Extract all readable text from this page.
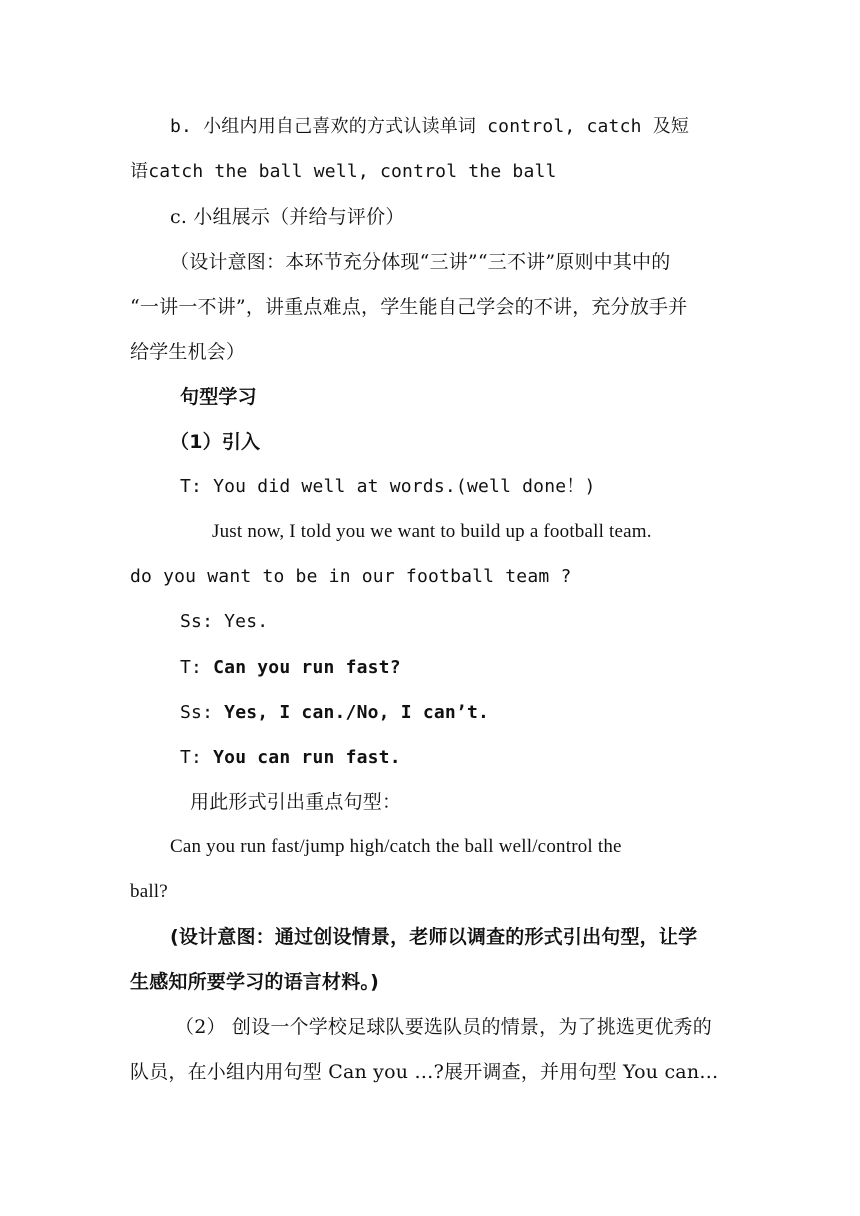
b. 小组内用自己喜欢的方式认读单词 control, catch 及短
语catch the ball well, control the ball
c. 小组展示（并给与评价）
（设计意图：本环节充分体现“三讲”“三不讲”原则中其中的
“一讲一不讲”，讲重点难点，学生能自己学会的不讲，充分放手并
给学生机会）
句型学习
（1）引入
T: You did well at words.(well done！)
Just now, I told you we want to build up a football team.
do you want to be in our football team ?
Ss: Yes.
T: Can you run fast?
Ss: Yes, I can./No, I can’t.
T: You can run fast.
用此形式引出重点句型：
Can you run fast/jump high/catch the ball well/control the
ball?
(设计意图：通过创设情景，老师以调查的形式引出句型，让学
生感知所要学习的语言材料。)
（2） 创设一个学校足球队要选队员的情景，为了挑选更优秀的
队员，在小组内用句型 Can you …?展开调查，并用句型 You can…
